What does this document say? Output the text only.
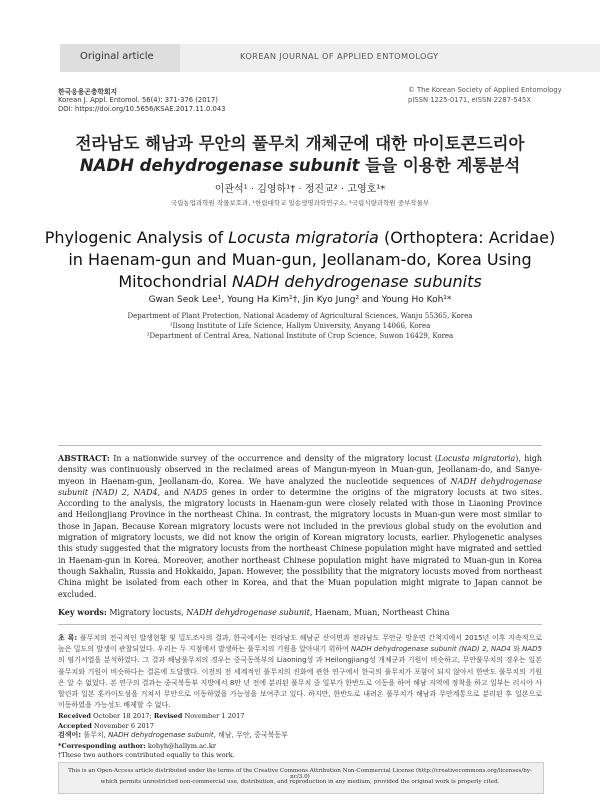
Original article	KOREAN JOURNAL OF APPLIED ENTOMOLOGY
한국응용곤충학회지
Korean J. Appl. Entomol. 56(4): 371-376 (2017)
DOI: https://doi.org/10.5656/KSAE.2017.11.0.043
© The Korean Society of Applied Entomology
pISSN 1225-0171, eISSN 2287-545X
전라남도 해남과 무안의 풀무치 개체군에 대한 마이토콘드리아
NADH dehydrogenase subunit 들을 이용한 계통분석
이관석¹ · 김영하¹† · 정진교² · 고영호¹*
국립농업과학원 작물보호과, ¹한림대학교 일송생명과학연구소, ²국립식량과학원 중부작물부
Phylogenic Analysis of Locusta migratoria (Orthoptera: Acridae)
in Haenam-gun and Muan-gun, Jeollanam-do, Korea Using
Mitochondrial NADH dehydrogenase subunits
Gwan Seok Lee¹, Young Ha Kim¹†, Jin Kyo Jung² and Young Ho Koh¹*
Department of Plant Protection, National Academy of Agricultural Sciences, Wanju 55365, Korea
¹Ilsong Institute of Life Science, Hallym University, Anyang 14066, Korea
²Department of Central Area, National Institute of Crop Science, Suwon 16429, Korea
ABSTRACT: In a nationwide survey of the occurrence and density of the migratory locust (Locusta migratoria), high density was continuously observed in the reclaimed areas of Mangun-myeon in Muan-gun, Jeollanam-do, and Sanye-myeon in Haenam-gun, Jeollanam-do, Korea. We have analyzed the nucleotide sequences of NADH dehydrogenase subunit (NAD) 2, NAD4, and NAD5 genes in order to determine the origins of the migratory locusts at two sites. According to the analysis, the migratory locusts in Haenam-gun were closely related with those in Liaoning Province and Heilongjiang Province in the northeast China. In contrast, the migratory locusts in Muan-gun were most similar to those in Japan. Because Korean migratory locusts were not included in the previous global study on the evolution and migration of migratory locusts, we did not know the origin of Korean migratory locusts, earlier. Phylogenetic analyses this study suggested that the migratory locusts from the northeast Chinese population might have migrated and settled in Haenam-gun in Korea. Moreover, another northeast Chinese population might have migrated to Muan-gun in Korea though Sakhalin, Russia and Hokkaido, Japan. However, the possibility that the migratory locusts moved from northeast China might be isolated from each other in Korea, and that the Muan population might migrate to Japan cannot be excluded.
Key words: Migratory locusts, NADH dehydrogenase subunit, Haenam, Muan, Northeast China
초 록: 풀무치의 전국적인 발생현황 및 밀도조사의 결과, 한국에서는 전라남도 해남군 산이면과 전라남도 무안군 망운면 간척지에서 2015년 이후 지속적으로 높은 밀도의 발생이 관찰되었다. 우리는 두 지점에서 발생하는 풀무치의 기원을 알아내기 위하여 NADH dehydrogenase subunit (NAD) 2, NAD4 와 NAD5의 염기서열을 분석하였다. 그 결과 해남풀무치의 경우는 중국동북부의 Liaoning성 과 Heilongjiang성 개체군과 기원이 비슷하고, 무안풀무치의 경우는 일본풀무치와 기원이 비슷하다는 결론에 도달했다. 이전의 전 세계적인 풀무치의 진화에 관한 연구에서 한국의 풀무치가 포함이 되지 않아서 한반도 풀무치의 기원은 알 수 없었다. 본 연구의 결과는 중국북동부 지방에서 8만 년 전에 분리된 풀무치 중 일부가 한반도로 이동을 하여 해남 지역에 정착을 하고 일부는 러시아 사할린과 일본 홋카이도섬을 거쳐서 무안으로 이동하였을 가능성을 보여주고 있다. 하지만, 한반도로 내려온 풀무치가 해남과 무안계통으로 분리된 후 일본으로 이동하였을 가능성도 배제할 수 없다.
검색어: 풀무치, NADH dehydrogenase subunit, 해남, 무안, 중국북동부
*Corresponding author: kohyh@hallym.ac.kr
†These two authors contributed equally to this work.
Received October 18 2017; Revised November 1 2017
Accepted November 6 2017
This is an Open-Access article distributed under the terms of the Creative Commons Attribution Non-Commercial License (http://creativecommons.org/licenses/by-nc/3.0)
which permits unrestricted non-commercial use, distribution, and reproduction in any medium, provided the original work is properly cited.
